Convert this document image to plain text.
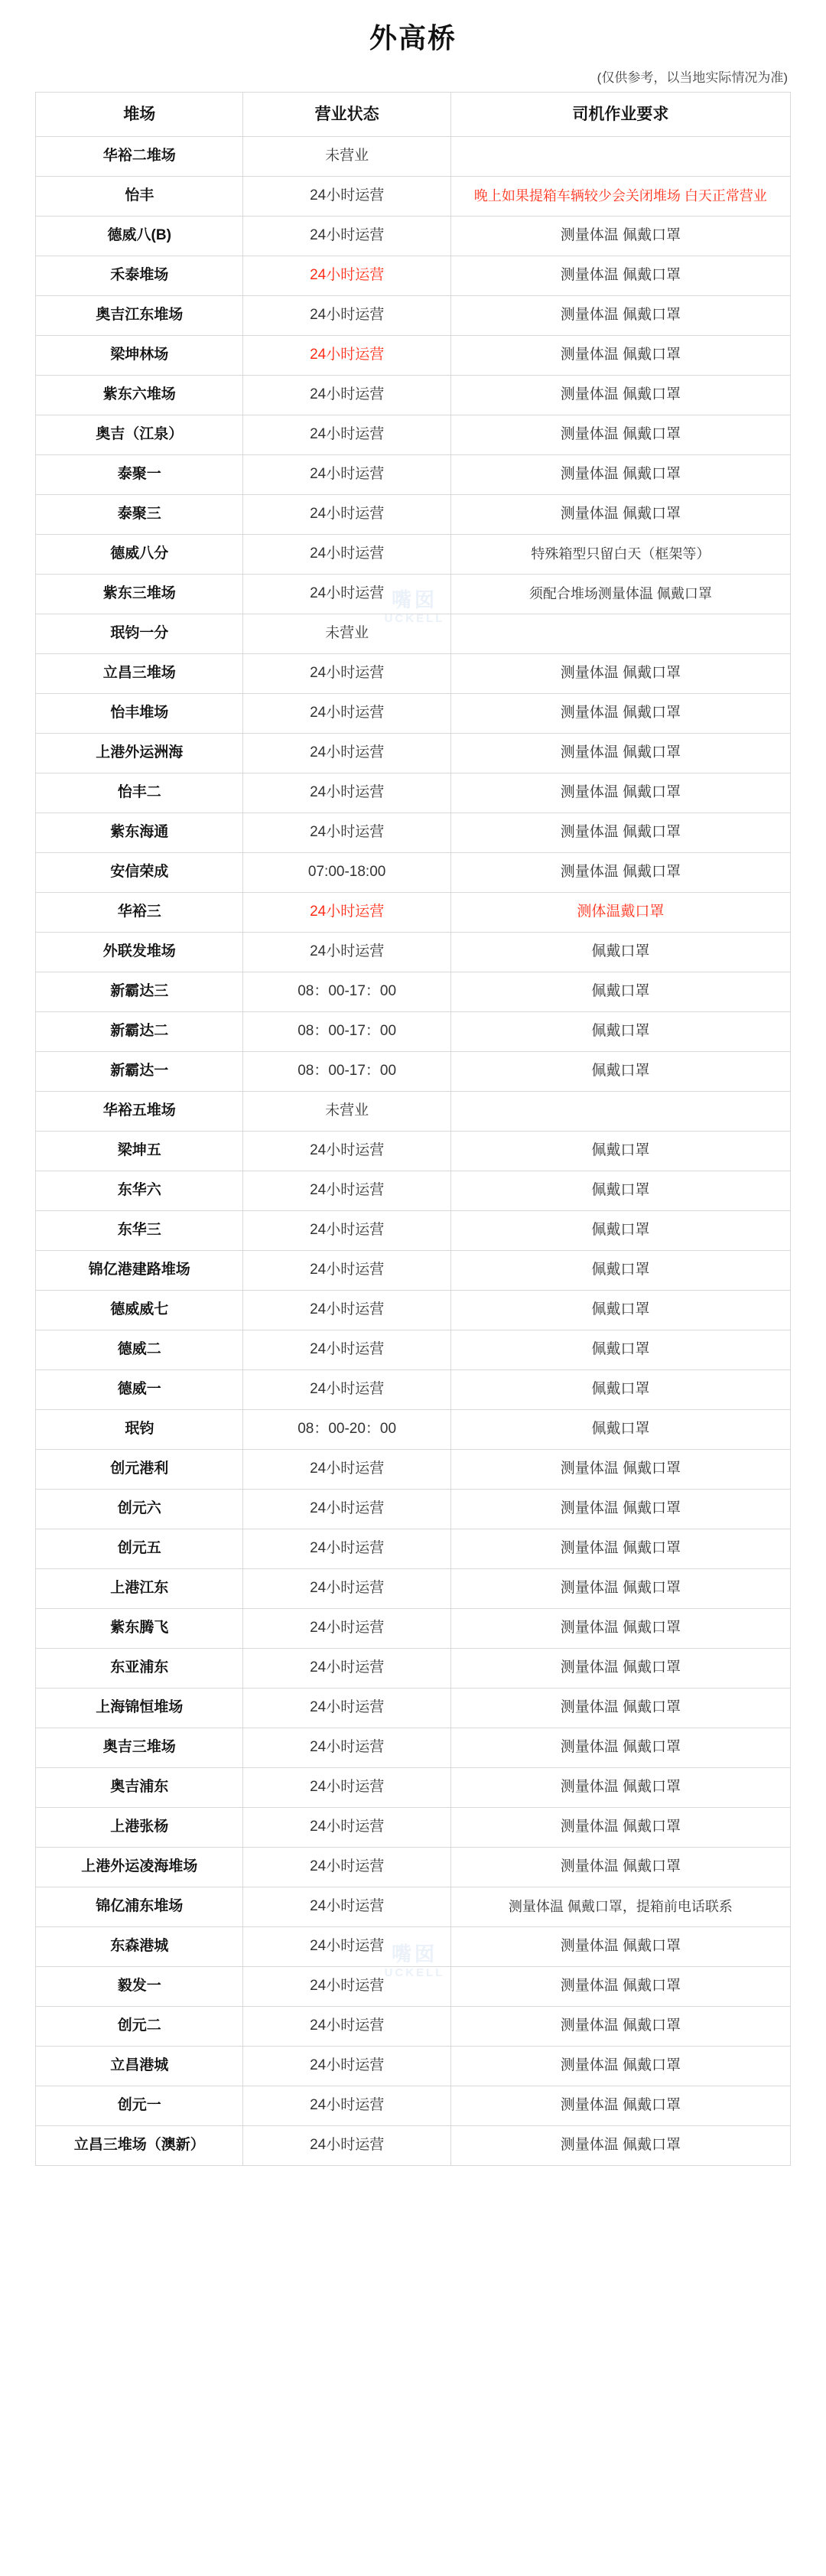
外高桥
(仅供参考，以当地实际情况为准)
堆场	营业状态	司机作业要求
华裕二堆场	未营业	
怡丰	24小时运营	晚上如果提箱车辆较少会关闭堆场 白天正常营业
德威八(B)	24小时运营	测量体温 佩戴口罩
禾泰堆场	24小时运营	测量体温 佩戴口罩
奥吉江东堆场	24小时运营	测量体温 佩戴口罩
梁坤林场	24小时运营	测量体温 佩戴口罩
紫东六堆场	24小时运营	测量体温 佩戴口罩
奥吉（江泉）	24小时运营	测量体温 佩戴口罩
泰聚一	24小时运营	测量体温 佩戴口罩
泰聚三	24小时运营	测量体温 佩戴口罩
德威八分	24小时运营	特殊箱型只留白天（框架等）
紫东三堆场	24小时运营	须配合堆场测量体温 佩戴口罩
珉钧一分	未营业	
立昌三堆场	24小时运营	测量体温 佩戴口罩
怡丰堆场	24小时运营	测量体温 佩戴口罩
上港外运洲海	24小时运营	测量体温 佩戴口罩
怡丰二	24小时运营	测量体温 佩戴口罩
紫东海通	24小时运营	测量体温 佩戴口罩
安信荣成	07:00-18:00	测量体温 佩戴口罩
华裕三	24小时运营	测体温戴口罩
外联发堆场	24小时运营	佩戴口罩
新霸达三	08：00-17：00	佩戴口罩
新霸达二	08：00-17：00	佩戴口罩
新霸达一	08：00-17：00	佩戴口罩
华裕五堆场	未营业	
梁坤五	24小时运营	佩戴口罩
东华六	24小时运营	佩戴口罩
东华三	24小时运营	佩戴口罩
锦亿港建路堆场	24小时运营	佩戴口罩
德威威七	24小时运营	佩戴口罩
德威二	24小时运营	佩戴口罩
德威一	24小时运营	佩戴口罩
珉钧	08：00-20：00	佩戴口罩
创元港利	24小时运营	测量体温 佩戴口罩
创元六	24小时运营	测量体温 佩戴口罩
创元五	24小时运营	测量体温 佩戴口罩
上港江东	24小时运营	测量体温 佩戴口罩
紫东腾飞	24小时运营	测量体温 佩戴口罩
东亚浦东	24小时运营	测量体温 佩戴口罩
上海锦恒堆场	24小时运营	测量体温 佩戴口罩
奥吉三堆场	24小时运营	测量体温 佩戴口罩
奥吉浦东	24小时运营	测量体温 佩戴口罩
上港张杨	24小时运营	测量体温 佩戴口罩
上港外运凌海堆场	24小时运营	测量体温 佩戴口罩
锦亿浦东堆场	24小时运营	测量体温 佩戴口罩，提箱前电话联系
东森港城	24小时运营	测量体温 佩戴口罩
毅发一	24小时运营	测量体温 佩戴口罩
创元二	24小时运营	测量体温 佩戴口罩
立昌港城	24小时运营	测量体温 佩戴口罩
创元一	24小时运营	测量体温 佩戴口罩
立昌三堆场（澳新）	24小时运营	测量体温 佩戴口罩
